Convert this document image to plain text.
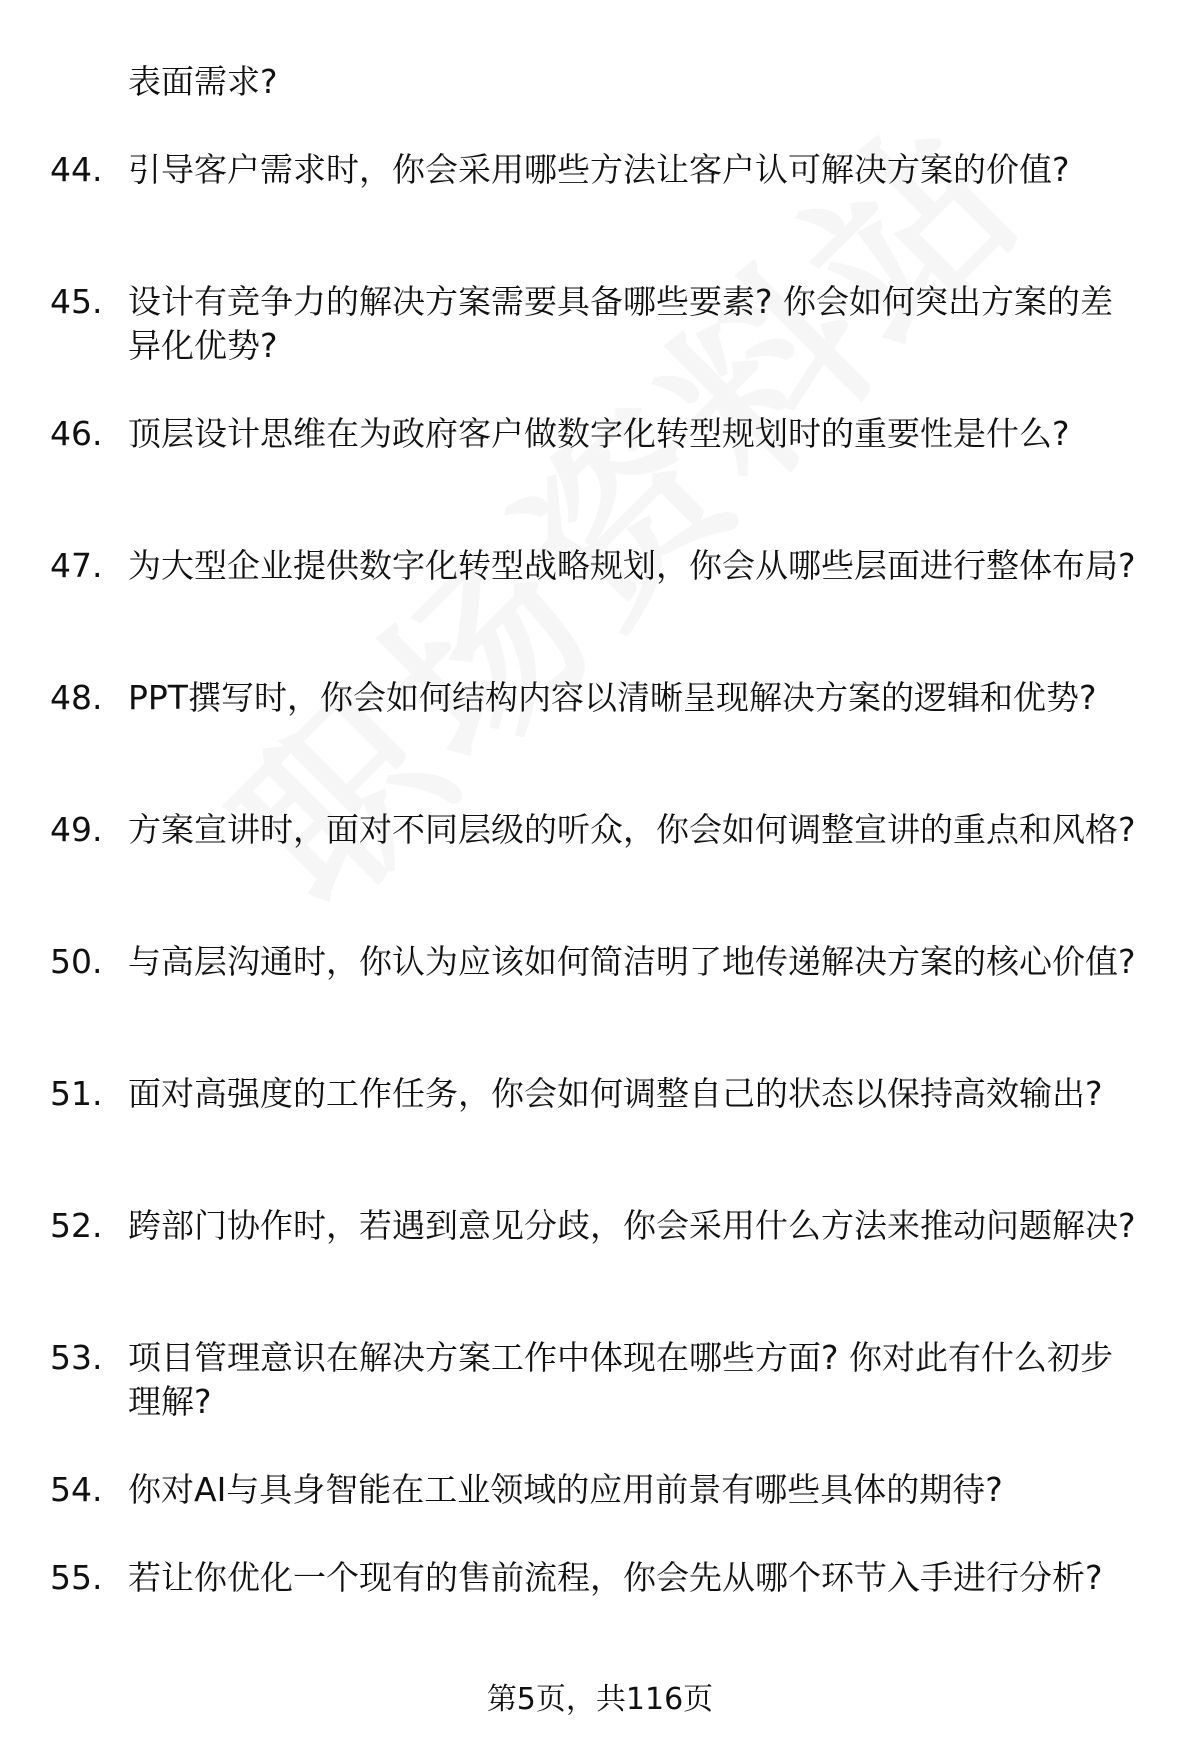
表面需求?
44. 引导客户需求时，你会采用哪些方法让客户认可解决方案的价值?
45. 设计有竞争力的解决方案需要具备哪些要素? 你会如何突出方案的差异化优势?
46. 顶层设计思维在为政府客户做数字化转型规划时的重要性是什么?
47. 为大型企业提供数字化转型战略规划，你会从哪些层面进行整体布局?
48. PPT撰写时，你会如何结构内容以清晰呈现解决方案的逻辑和优势?
49. 方案宣讲时，面对不同层级的听众，你会如何调整宣讲的重点和风格?
50. 与高层沟通时，你认为应该如何简洁明了地传递解决方案的核心价值?
51. 面对高强度的工作任务，你会如何调整自己的状态以保持高效输出?
52. 跨部门协作时，若遇到意见分歧，你会采用什么方法来推动问题解决?
53. 项目管理意识在解决方案工作中体现在哪些方面? 你对此有什么初步理解?
54. 你对AI与具身智能在工业领域的应用前景有哪些具体的期待?
55. 若让你优化一个现有的售前流程，你会先从哪个环节入手进行分析?
第5页，共116页
